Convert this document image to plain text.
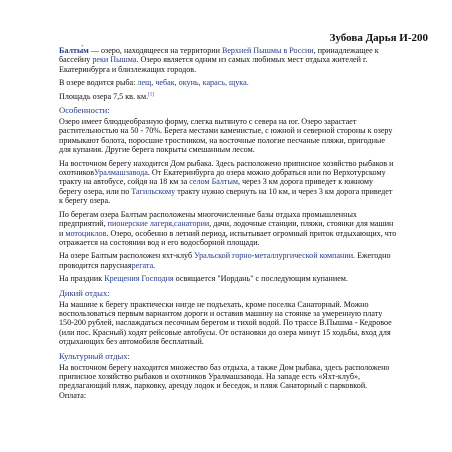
Зубова Дарья И-200

Балты́м — озеро, находящееся на территории Верхней Пышмы в России, принадлежащее к бассейну реки Пышма. Озеро является одним из самых любимых мест отдыха жителей г. Екатеринбурга и близлежащих городов.

В озере водится рыба: лещ, чебак, окунь, карась, щука.

Площадь озера 7,5 кв. км.[1]

Особенности:

Озеро имеет блюдцеобразную форму, слегка вытянуто с севера на юг. Озеро зарастает растительностью на 50 - 70%. Берега местами каменистые, с южной и северной стороны к озеру примыкают болота, поросшие тростником, на восточные пологие песчаные пляжи, пригодные для купания. Другие берега покрыты смешанным лесом.

На восточном берегу находится Дом рыбака. Здесь расположено приписное хозяйство рыбаков и охотниковУралмашзавода. От Екатеринбурга до озера можно добраться или по Верхотурскому тракту на автобусе, сойдя на 18 км за селом Балтым, через 3 км дорога приведет к южному берегу озера, или по Тагильскому тракту нужно свернуть на 10 км, и через 3 км дорога приведет к берегу озера.

По берегам озера Балтым расположены многочисленные базы отдыха промышленных предприятий, пионерские лагеря,санатории, дачи, лодочные станции, пляжи, стоянки для машин и мотоциклов. Озеро, особенно в летний период, испытывает огромный приток отдыхающих, что отражается на состоянии вод и его водосборной площади.

На озере Балтым расположен яхт-клуб Уральской горно-металлургической компании. Ежегодно проводится паруснаярегата.

На праздник Крещения Господня освящается "Иордань" с последующим купанием.

Дикий отдых:

На машине к берегу практически нигде не подъехать, кроме поселка Санаторный. Можно воспользоваться первым вариантом дороги и оставив машину на стоянке за умеренную плату 150-200 рублей, наслаждаться песочным берегом и тихой водой. По трассе В.Пышма - Кедровое (или пос. Красный) ходят рейсовые автобусы. От остановки до озера минут 15 ходьбы, вход для отдыхающих без автомобиля бесплатный.

Культурный отдых:

На восточном берегу находится множество баз отдыха, а также Дом рыбака, здесь расположено приписное хозяйство рыбаков и охотников Уралмашзавода. На западе есть «Яхт-клуб», предлагающий пляж, парковку, аренду лодок и беседок, и пляж Санаторный с парковкой.
Оплата:
